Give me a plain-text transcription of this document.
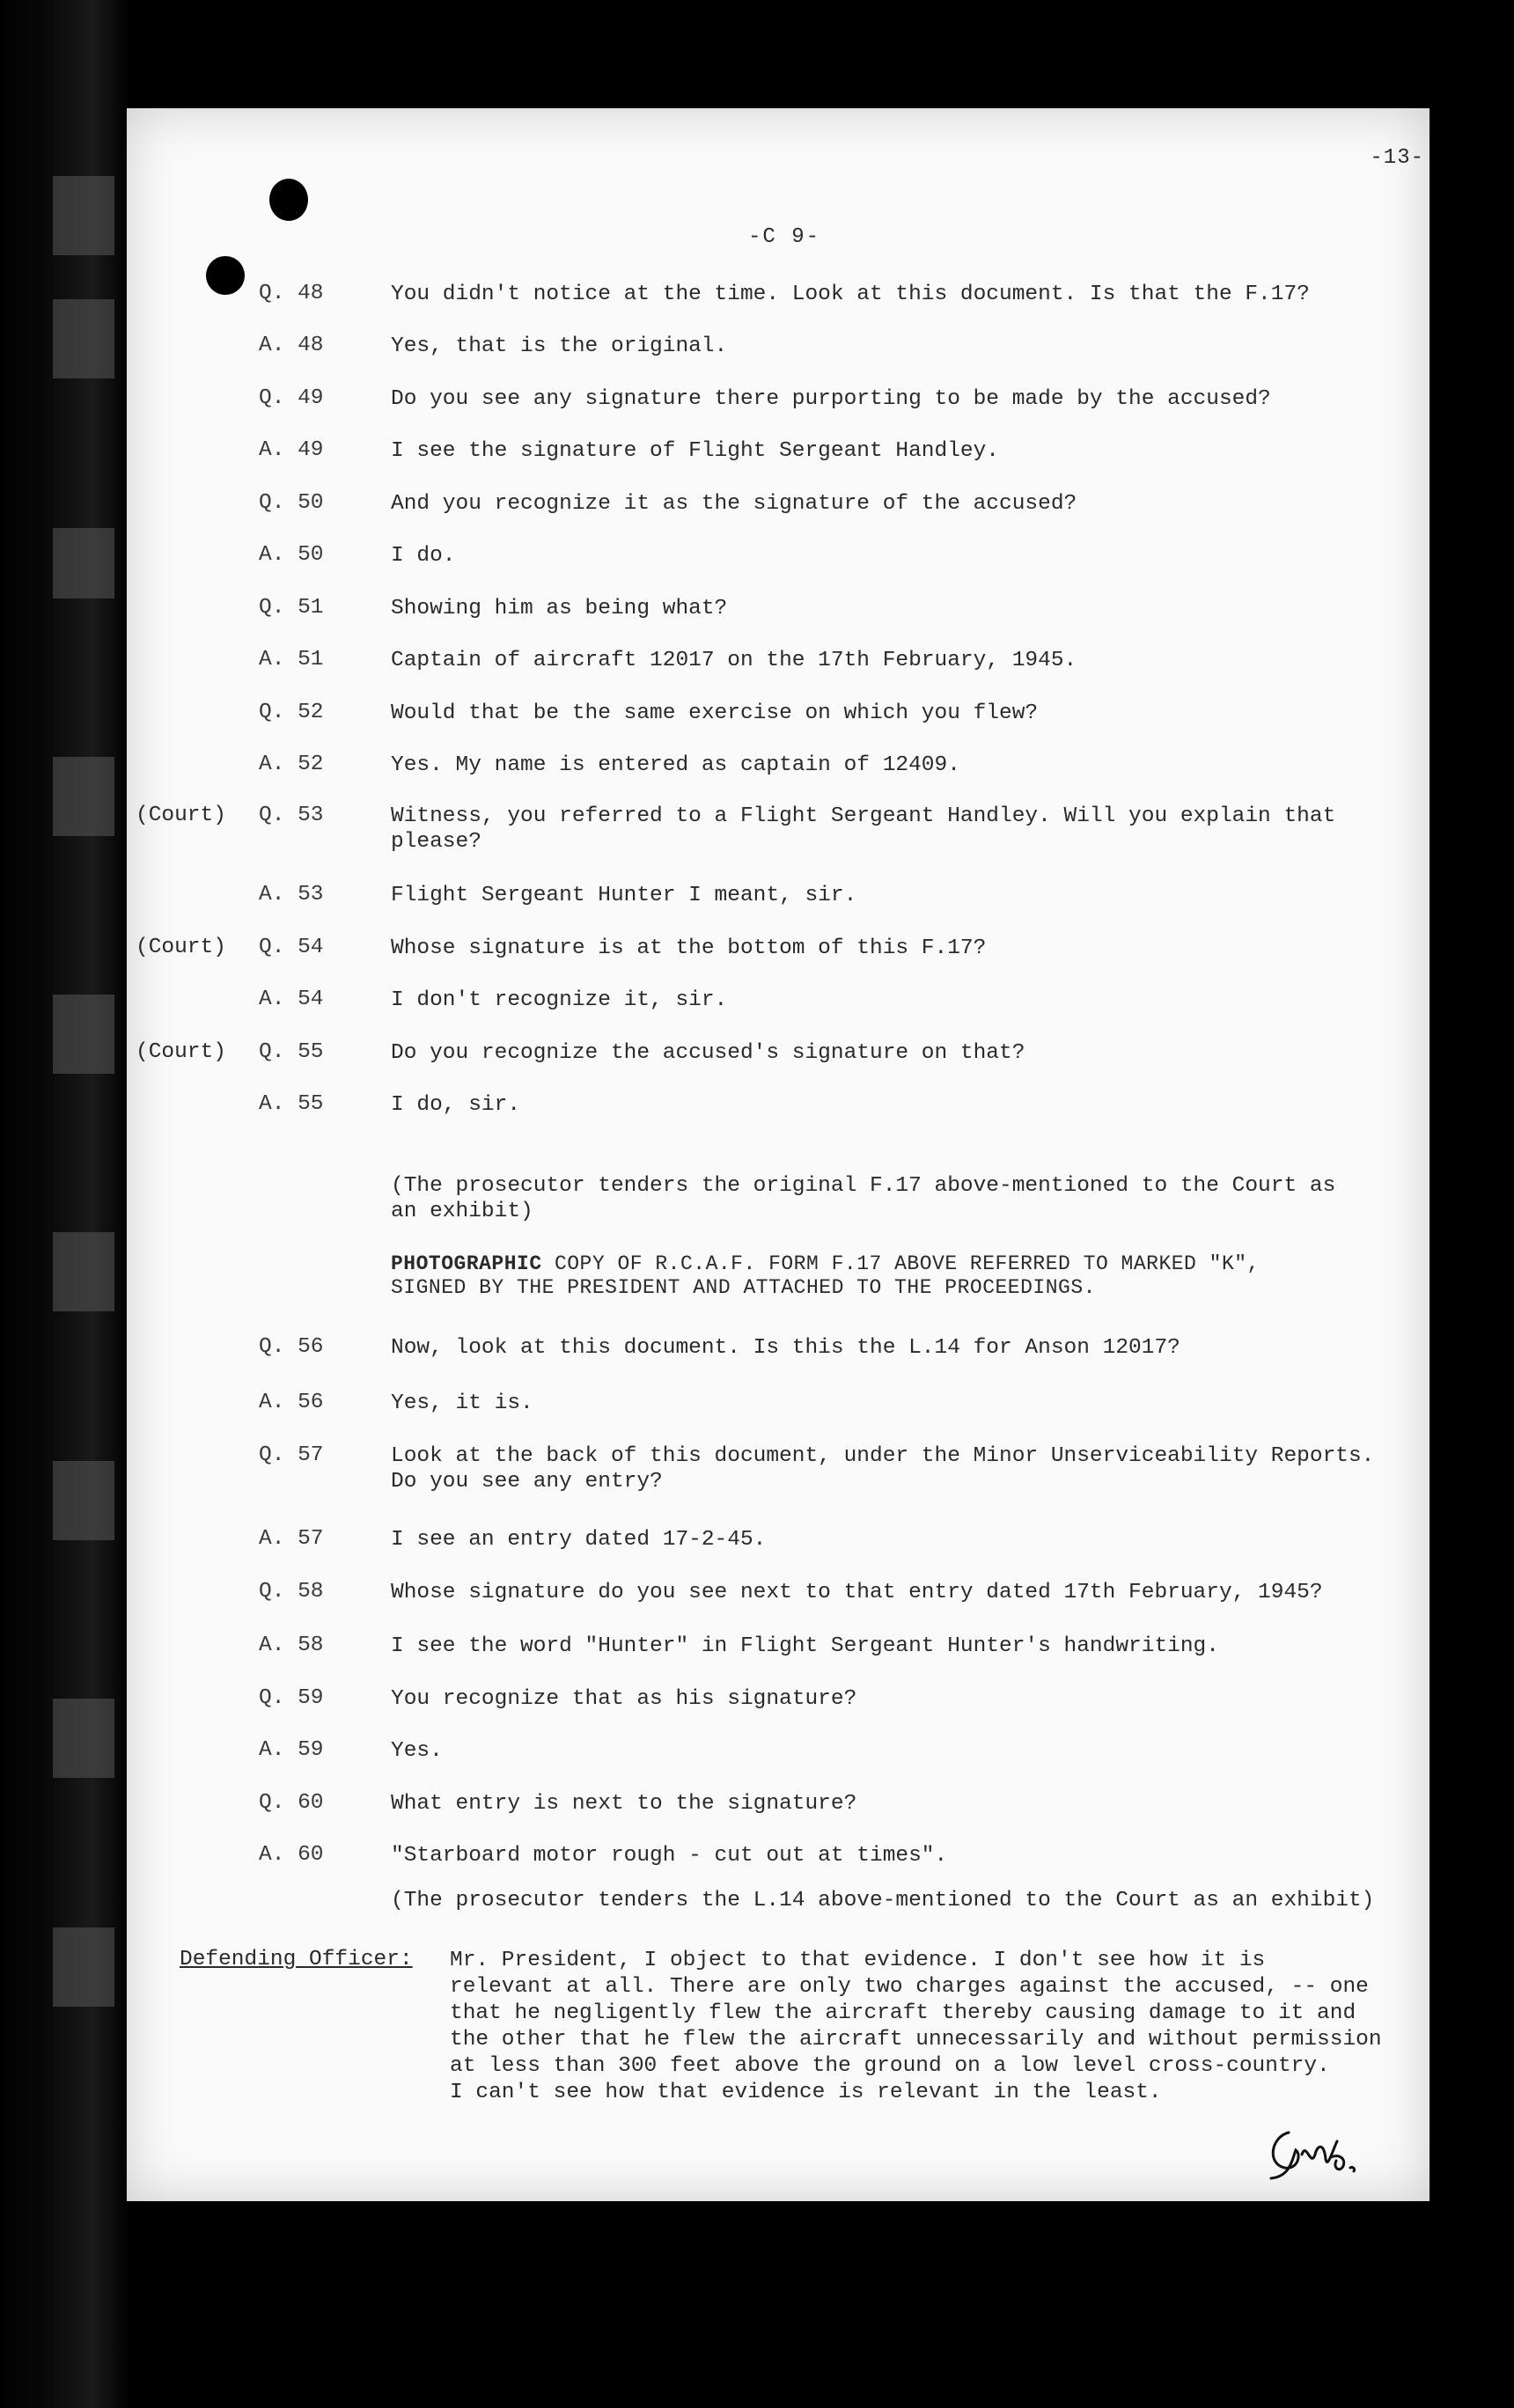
-13-
-C 9-
Q. 48	You didn't notice at the time. Look at this document. Is that the F.17?
A. 48	Yes, that is the original.
Q. 49	Do you see any signature there purporting to be made by the accused?
A. 49	I see the signature of Flight Sergeant Handley.
Q. 50	And you recognize it as the signature of the accused?
A. 50	I do.
Q. 51	Showing him as being what?
A. 51	Captain of aircraft 12017 on the 17th February, 1945.
Q. 52	Would that be the same exercise on which you flew?
A. 52	Yes. My name is entered as captain of 12409.
(Court) Q. 53	Witness, you referred to a Flight Sergeant Handley. Will you explain that
please?
A. 53	Flight Sergeant Hunter I meant, sir.
(Court) Q. 54	Whose signature is at the bottom of this F.17?
A. 54	I don't recognize it, sir.
(Court) Q. 55	Do you recognize the accused's signature on that?
A. 55	I do, sir.
Q. 56	Now, look at this document. Is this the L.14 for Anson 12017?
A. 56	Yes, it is.
Q. 57	Look at the back of this document, under the Minor Unserviceability Reports.
Do you see any entry?
A. 57	I see an entry dated 17-2-45.
Q. 58	Whose signature do you see next to that entry dated 17th February, 1945?
A. 58	I see the word "Hunter" in Flight Sergeant Hunter's handwriting.
Q. 59	You recognize that as his signature?
A. 59	Yes.
Q. 60	What entry is next to the signature?
A. 60	"Starboard motor rough - cut out at times".
(The prosecutor tenders the original F.17 above-mentioned to the Court as
an exhibit)
PHOTOGRAPHIC COPY OF R.C.A.F. FORM F.17 ABOVE REFERRED TO MARKED "K",
SIGNED BY THE PRESIDENT AND ATTACHED TO THE PROCEEDINGS.
(The prosecutor tenders the L.14 above-mentioned to the Court as an exhibit)
Defending Officer: Mr. President, I object to that evidence. I don't see how it is
relevant at all. There are only two charges against the accused, -- one
that he negligently flew the aircraft thereby causing damage to it and
the other that he flew the aircraft unnecessarily and without permission
at less than 300 feet above the ground on a low level cross-country.
I can't see how that evidence is relevant in the least.
